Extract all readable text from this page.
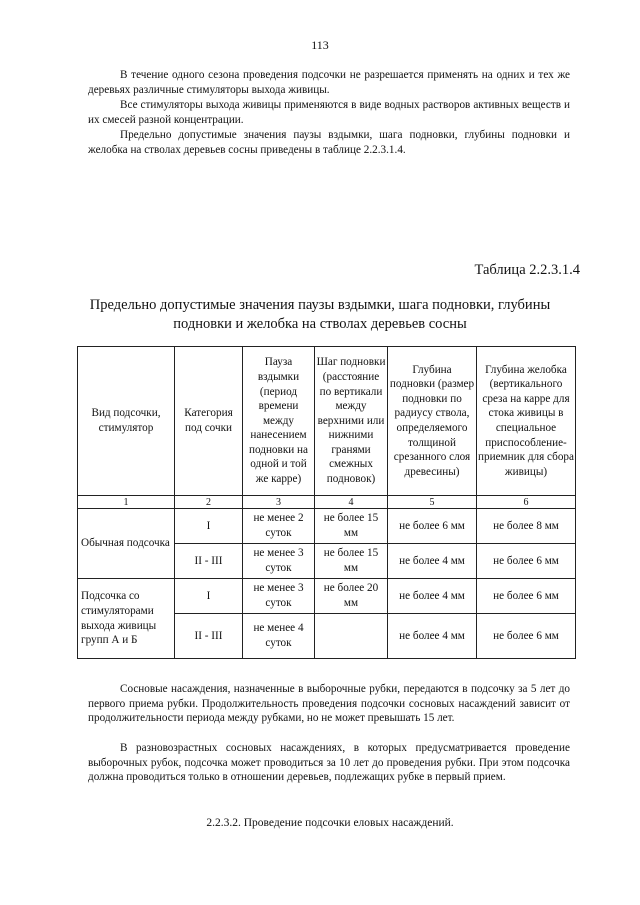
113

В течение одного сезона проведения подсочки не разрешается применять на одних и тех же деревьях различные стимуляторы выхода живицы.

Все стимуляторы выхода живицы применяются в виде водных растворов активных веществ и их смесей разной концентрации.

Предельно допустимые значения паузы вздымки, шага подновки, глубины подновки и желобка на стволах деревьев сосны приведены в таблице 2.2.3.1.4.

Таблица 2.2.3.1.4
Предельно допустимые значения паузы вздымки, шага подновки, глубины подновки и желобка на стволах деревьев сосны
Вид подсочки, стимулятор	Категория под сочки	Пауза вздымки (период времени между нанесением подновки на одной и той же карре)	Шаг подновки (расстояние по вертикали между верхними или нижними гранями смежных подновок)	Глубина подновки (размер подновки по радиусу ствола, определяемого толщиной срезанного слоя древесины)	Глубина желобка (вертикального среза на карре для стока живицы в специальное приспособление-приемник для сбора живицы)
1	2	3	4	5	6
Обычная подсочка	I	не менее 2 суток	не более 15 мм	не более 6 мм	не более 8 мм
	II - III	не менее 3 суток	не более 15 мм	не более 4 мм	не более 6 мм
Подсочка со стимуляторами выхода живицы групп А и Б	I	не менее 3 суток	не более 20 мм	не более 4 мм	не более 6 мм
	II - III	не менее 4 суток		не более 4 мм	не более 6 мм

Сосновые насаждения, назначенные в выборочные рубки, передаются в подсочку за 5 лет до первого приема рубки. Продолжительность проведения подсочки сосновых насаждений зависит от продолжительности периода между рубками, но не может превышать 15 лет.

В разновозрастных сосновых насаждениях, в которых предусматривается проведение выборочных рубок, подсочка может проводиться за 10 лет до проведения рубки. При этом подсочка должна проводиться только в отношении деревьев, подлежащих рубке в первый прием.

2.2.3.2. Проведение подсочки еловых насаждений.
